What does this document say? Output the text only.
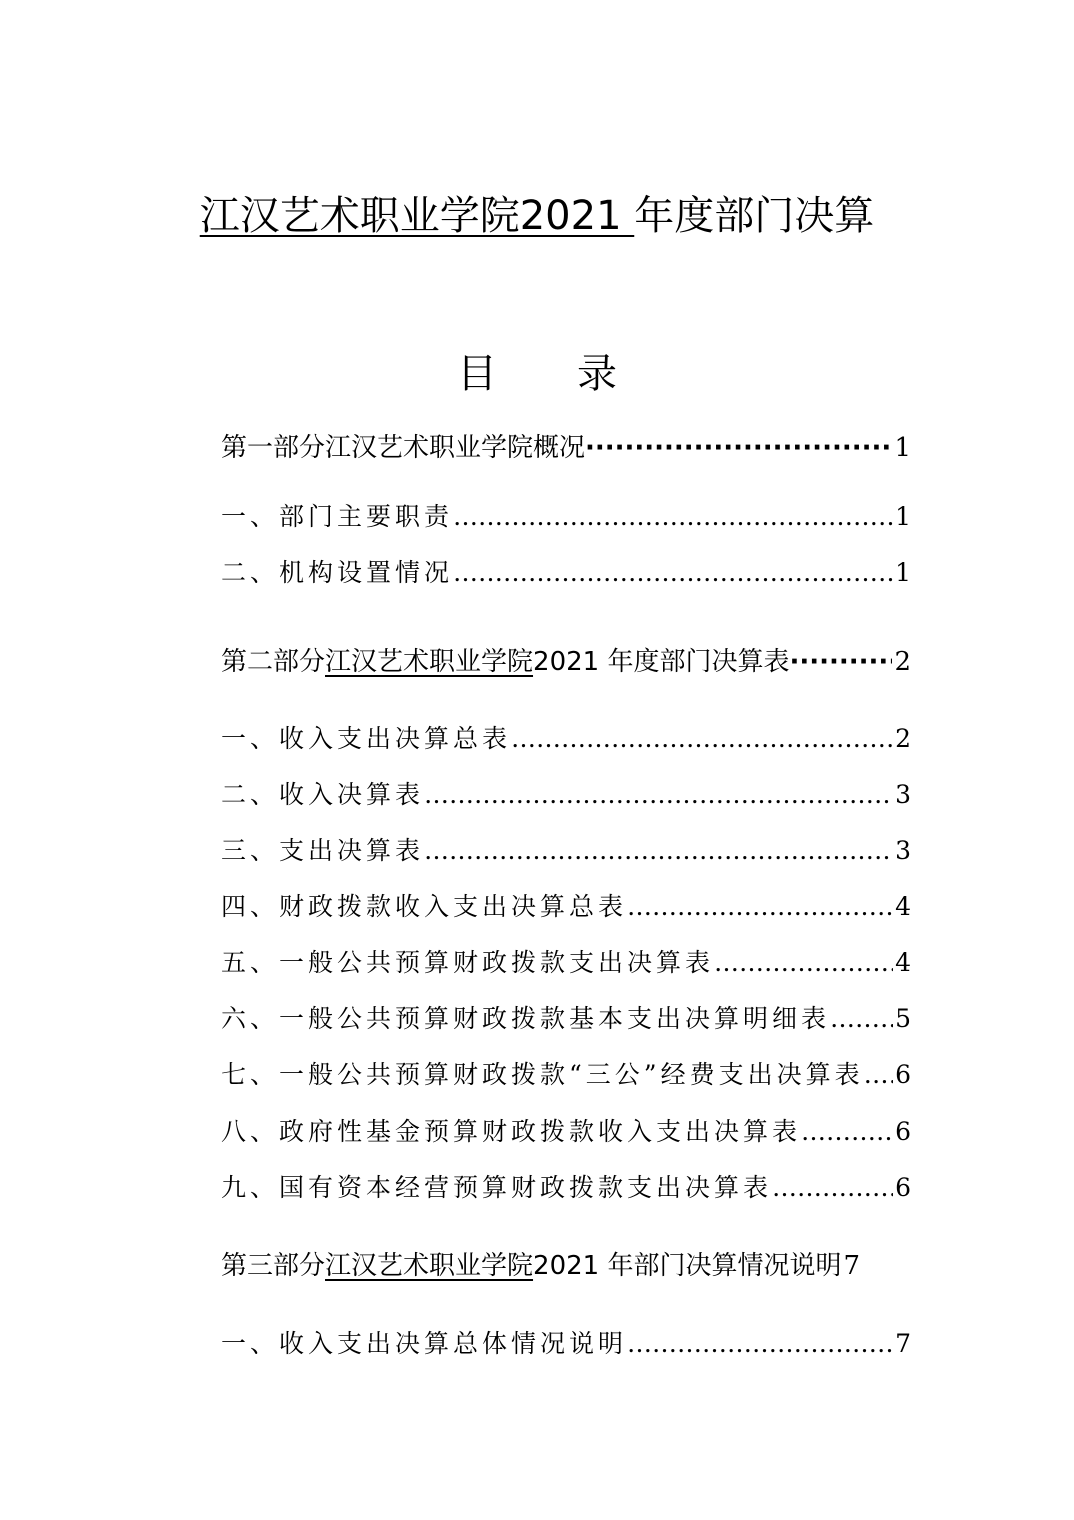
江汉艺术职业学院2021 年度部门决算
目录
第一部分江汉艺术职业学院概况 ·····	1
一、部门主要职责 …………………………………………………………………………………………………………………………………………	1
二、机构设置情况 …………………………………………………………………………………………………………………………………………	1
第二部分江汉艺术职业学院2021 年度部门决算表 ·····	2
一、收入支出决算总表 …………………………………………………………………………………………………………………………………………	2
二、收入决算表 …………………………………………………………………………………………………………………………………………	3
三、支出决算表 …………………………………………………………………………………………………………………………………………	3
四、财政拨款收入支出决算总表 …………………………………………………………………………………………………………………………………………	4
五、一般公共预算财政拨款支出决算表 …………………………………………………………………………………………………………………………………………	4
六、一般公共预算财政拨款基本支出决算明细表 …………………………………………………………………………………………………………………………………………	5
七、一般公共预算财政拨款“三公”经费支出决算表 ………………………………………………………………………………………………………………………………………… 6
八、政府性基金预算财政拨款收入支出决算表 …………………………………………………………………………………………………………………………………………	6
九、国有资本经营预算财政拨款支出决算表 …………………………………………………………………………………………………………………………………………	6
第三部分江汉艺术职业学院2021 年部门决算情况说明 7
一、收入支出决算总体情况说明 …………………………………………………………………………………………………………………………………………	7
